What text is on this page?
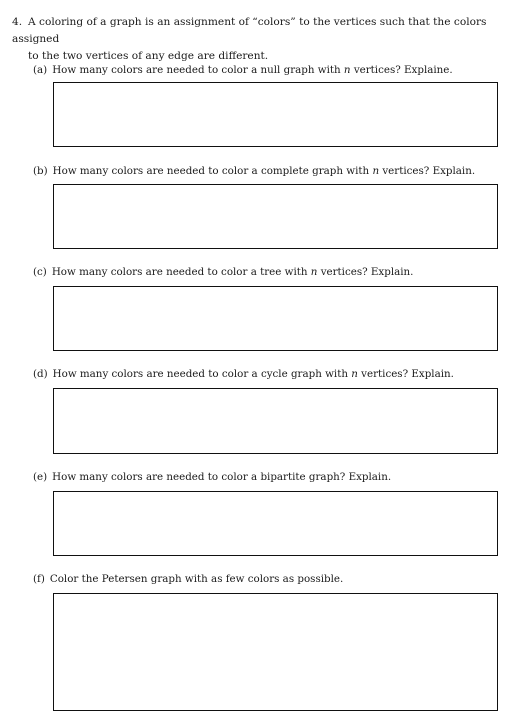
4. A coloring of a graph is an assignment of “colors” to the vertices such that the colors assigned
to the two vertices of any edge are different.
(a) How many colors are needed to color a null graph with n vertices? Explaine.
(b) How many colors are needed to color a complete graph with n vertices? Explain.
(c) How many colors are needed to color a tree with n vertices? Explain.
(d) How many colors are needed to color a cycle graph with n vertices? Explain.
(e) How many colors are needed to color a bipartite graph? Explain.
(f) Color the Petersen graph with as few colors as possible.
